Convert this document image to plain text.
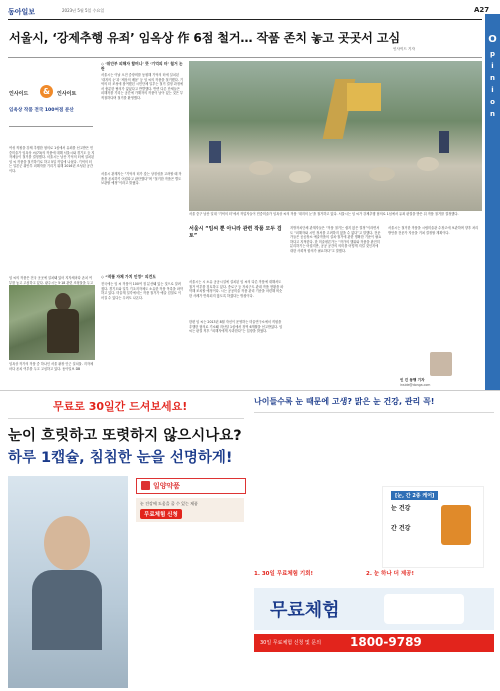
동아일보	2023년 5월 5일 수요일	A27
O
p
i
n
i
o
n
서울시, ‘강제추행 유죄’ 임옥상 作 6점 철거… 작품 존치 놓고 곳곳서 고심
인사이드 기자
인사이드	&	인사이트
임옥상 작품 전국 100여점 분산
여성 직원을 강제 추행한 혐의로 1심에서 유죄를 선고받은 민중미술가 임옥상 씨(73)의 작품에 대해 서울시와 경기도 등 지자체들이 철거를 결정했다. 서울시는 남산 기억의 터에 설치된 임 씨 작품을 철거하기로 하고 5일 작업에 나섰다. 기억의 터는 일본군 위안부 피해자를 기리기 위해 2016년 조성된 공간이다.
임 씨의 작품은 전국 곳곳에 설치돼 있어 지자체마다 존치 여부를 놓고 고심하고 있다. 광주시는 5·18 관련 조형물을 두고
임옥상 작가의 작품 중 하나인 서울 광장 인근 설치물. 지자체마다 존치 여부를 두고 고심하고 있다. 동아일보 DB
◇ ‘위안부 피해자 할머니’ 뜻 ‘기억의 터’ 철거 논란
서울시는 이날 오전 중장비를 동원해 기억의 터에 설치된 ‘대지의 눈’과 ‘세상의 배꼽’ 등 임 씨의 작품을 철거했다. 기억의 터 조성에 참여했던 시민단체 일부는 철거 결정 과정에서 충분한 협의가 없었다고 반발했다. 반면 다른 단체들은 피해자를 기리는 공간에 가해자의 작품이 남아 있는 것은 부적절하다며 철거를 환영했다.
서울시 관계자는 “기억의 터가 갖는 상징성을 고려할 때 작품을 존치하기 어렵다고 판단했다”며 “철거한 작품은 별도 보관할 예정”이라고 밝혔다.
◇ “작품 자체 가치 인정” 의견도
전국에는 임 씨 작품이 100여 점 분산돼 있는 것으로 알려졌다. 경기도와 일부 기초지자체도 소유한 작품 목록을 파악하고 있다. 미술계 일각에서는 작품 철거가 예술 검열로 이어질 수 있다는 우려도 나온다.
서울 중구 남산 일대 ‘기억의 터’에서 작업자들이 민중미술가 임옥상 씨의 작품 ‘대지의 눈’을 철거하고 있다. 서울시는 임 씨가 강제추행 혐의로 1심에서 유죄 판결을 받은 뒤 작품 철거를 결정했다.
서울시 “임씨 뿐 아니라 관련 작품 모두 검토”
서울시는 시 소유 공공시설에 설치된 임 씨의 다른 작품에 대해서도 철거 여부를 검토하고 있다. 종로구 등 자치구도 관내 작품 현황을 파악해 조치할 예정이다. 시는 공공미술 작품 관리 기준을 마련해 비슷한 사례가 반복되지 않도록 하겠다는 방침이다.
한편 임 씨는 2013년 8월 자신이 운영하는 미술연구소에서 직원을 추행한 혐의로 기소돼 지난달 1심에서 징역 6개월을 선고받았다. 임 씨는 판결 직후 “피해자에게 사과한다”는 입장을 밝혔다.
지방자치단체 관계자들은 “작품 철거는 쉽지 않은 결정”이라면서도 “피해자와 시민 정서를 고려하지 않을 수 없다”고 말했다. 전문가들은 공공장소 예술작품의 설치·철거에 관한 명확한 기준이 필요하다고 지적한다. 한 미술평론가는 “작가의 행위와 작품을 완전히 분리하기는 어렵지만, 공공 공간의 의미를 어떻게 지킬 것인지에 대한 사회적 합의가 필요하다”고 말했다.
서울시는 철거한 작품을 시립미술관 수장고에 보관하며 향후 처리 방안을 전문가 자문을 거쳐 결정할 계획이다.
인 킨 동행 기자
inside@donga.com
무료로 30일간 드셔보세요!
눈이 흐릿하고 또렷하지 않으시나요?
하루 1캡슐, 침침한 눈을 선명하게!
일양약품
눈 건강에 도움을 줄 수 있는 제품
무료체험 신청
나이들수록 눈 때문에 고생? 맑은 눈 건강, 관리 꼭!
[눈, 간 2종 케어]
눈 건강
간 건강
1. 30일 무료체험 기회!	2. 눈 하나 더 제공!
무료체험
30일 무료체험 신청 및 문의 1800-9789
